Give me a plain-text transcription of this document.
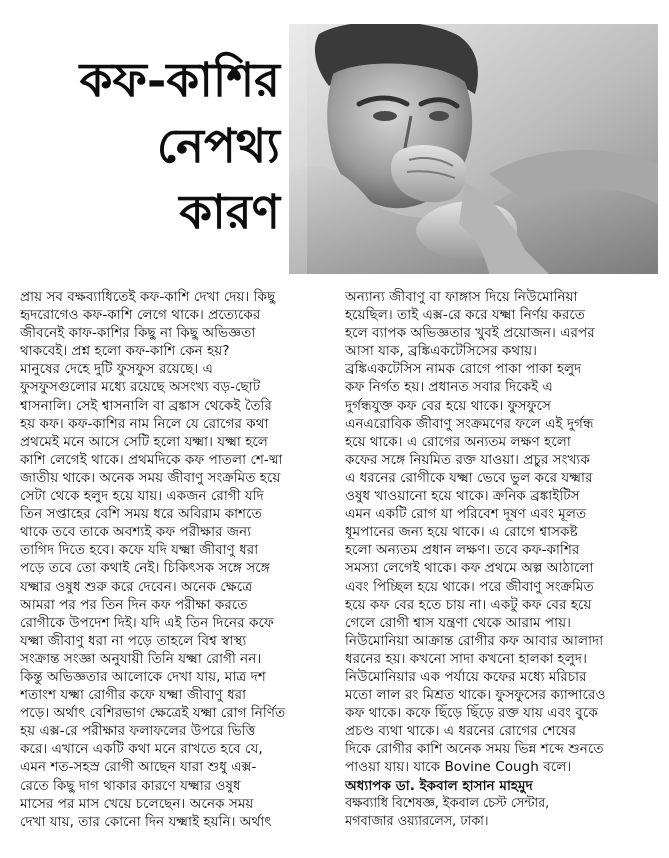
কফ-কাশির
নেপথ্য
কারণ
প্রায় সব বক্ষব্যাধিতেই কফ-কাশি দেখা দেয়। কিছু
হৃদরোগেও কফ-কাশি লেগে থাকে। প্রত্যেকের
জীবনেই কাফ-কাশির কিছু না কিছু অভিজ্ঞতা
থাকবেই। প্রশ্ন হলো কফ-কাশি কেন হয়?
মানুষের দেহে দুটি ফুসফুস রয়েছে। এ
ফুসফুসগুলোর মধ্যে রয়েছে অসংখ্য বড়-ছোট
শ্বাসনালি। সেই শ্বাসনালি বা ব্রঙ্কাস থেকেই তৈরি
হয় কফ। কফ-কাশির নাম নিলে যে রোগের কথা
প্রথমেই মনে আসে সেটি হলো যক্ষ্মা। যক্ষ্মা হলে
কাশি লেগেই থাকে। প্রথমদিকে কফ পাতলা শে-ষ্মা
জাতীয় থাকে। অনেক সময় জীবাণু সংক্রমিত হয়ে
সেটা থেকে হলুদ হয়ে যায়। একজন রোগী যদি
তিন সপ্তাহের বেশি সময় ধরে অবিরাম কাশতে
থাকে তবে তাকে অবশ্যই কফ পরীক্ষার জন্য
তাগিদ দিতে হবে। কফে যদি যক্ষ্মা জীবাণু ধরা
পড়ে তবে তো কথাই নেই। চিকিৎসক সঙ্গে সঙ্গে
যক্ষ্মার ওষুধ শুরু করে দেবেন। অনেক ক্ষেত্রে
আমরা পর পর তিন দিন কফ পরীক্ষা করতে
রোগীকে উপদেশ দিই। যদি এই তিন দিনের কফে
যক্ষ্মা জীবাণু ধরা না পড়ে তাহলে বিশ্ব স্বাস্থ্য
সংক্রান্ত সংজ্ঞা অনুযায়ী তিনি যক্ষ্মা রোগী নন।
কিন্তু অভিজ্ঞতার আলোকে দেখা যায়, মাত্র দশ
শতাংশ যক্ষ্মা রোগীর কফে যক্ষ্মা জীবাণু ধরা
পড়ে। অর্থাৎ বেশিরভাগ ক্ষেত্রেই যক্ষ্মা রোগ নির্ণিত
হয় এক্স-রে পরীক্ষার ফলাফলের উপরে ভিত্তি
করে। এখানে একটি কথা মনে রাখতে হবে যে,
এমন শত-সহস্র রোগী আছেন যারা শুধু এক্স-
রেতে কিছু দাগ থাকার কারণে যক্ষ্মার ওষুধ
মাসের পর মাস খেয়ে চলেছেন। অনেক সময়
দেখা যায়, তার কোনো দিন যক্ষ্মাই হয়নি। অর্থাৎ
অন্যান্য জীবাণু বা ফাঙ্গাস দিয়ে নিউমোনিয়া
হয়েছিল। তাই এক্স-রে করে যক্ষ্মা নির্ণয় করতে
হলে ব্যাপক অভিজ্ঞতার খুবই প্রয়োজন। এরপর
আসা যাক, ব্রঙ্কিএকটেসিসের কথায়।
ব্রঙ্কিএকটেসিস নামক রোগে পাকা পাকা হলুদ
কফ নির্গত হয়। প্রধানত সবার দিকেই এ
দুর্গন্ধযুক্ত কফ বের হয়ে থাকে। ফুসফুসে
এনএরোবিক জীবাণু সংক্রমণের ফলে এই দুর্গন্ধ
হয়ে থাকে। এ রোগের অন্যতম লক্ষণ হলো
কফের সঙ্গে নিয়মিত রক্ত যাওয়া। প্রচুর সংখ্যক
এ ধরনের রোগীকে যক্ষ্মা ভেবে ভুল করে যক্ষ্মার
ওষুধ খাওয়ানো হয়ে থাকে। ক্রনিক ব্রঙ্কাইটিস
এমন একটি রোগ যা পরিবেশ দূষণ এবং মূলত
ধূমপানের জন্য হয়ে থাকে। এ রোগে শ্বাসকষ্ট
হলো অন্যতম প্রধান লক্ষণ। তবে কফ-কাশির
সমস্যা লেগেই থাকে। কফ প্রথমে অল্প আঠালো
এবং পিচ্ছিল হয়ে থাকে। পরে জীবাণু সংক্রমিত
হয়ে কফ বের হতে চায় না। একটু কফ বের হয়ে
গেলে রোগী শ্বাস যন্ত্রণা থেকে আরাম পায়।
নিউমোনিয়া আক্রান্ত রোগীর কফ আবার আলাদা
ধরনের হয়। কখনো সাদা কখনো হালকা হলুদ।
নিউমোনিয়ার এক পর্যায়ে কফের মধ্যে মরিচার
মতো লাল রং মিশ্রত থাকে। ফুসফুসের ক্যান্সারেও
কফ থাকে। কফে ছিঁড়ে ছিঁড়ে রক্ত যায় এবং বুকে
প্রচণ্ড ব্যথা থাকে। এ ধরনের রোগের শেষের
দিকে রোগীর কাশি অনেক সময় ভিন্ন শব্দে শুনতে
পাওয়া যায়। যাকে Bovine Cough বলে।
অধ্যাপক ডা. ইকবাল হাসান মাহমুদ
বক্ষব্যাধি বিশেষজ্ঞ, ইকবাল চেস্ট সেন্টার,
মগবাজার ওয়্যারলেস, ঢাকা।
